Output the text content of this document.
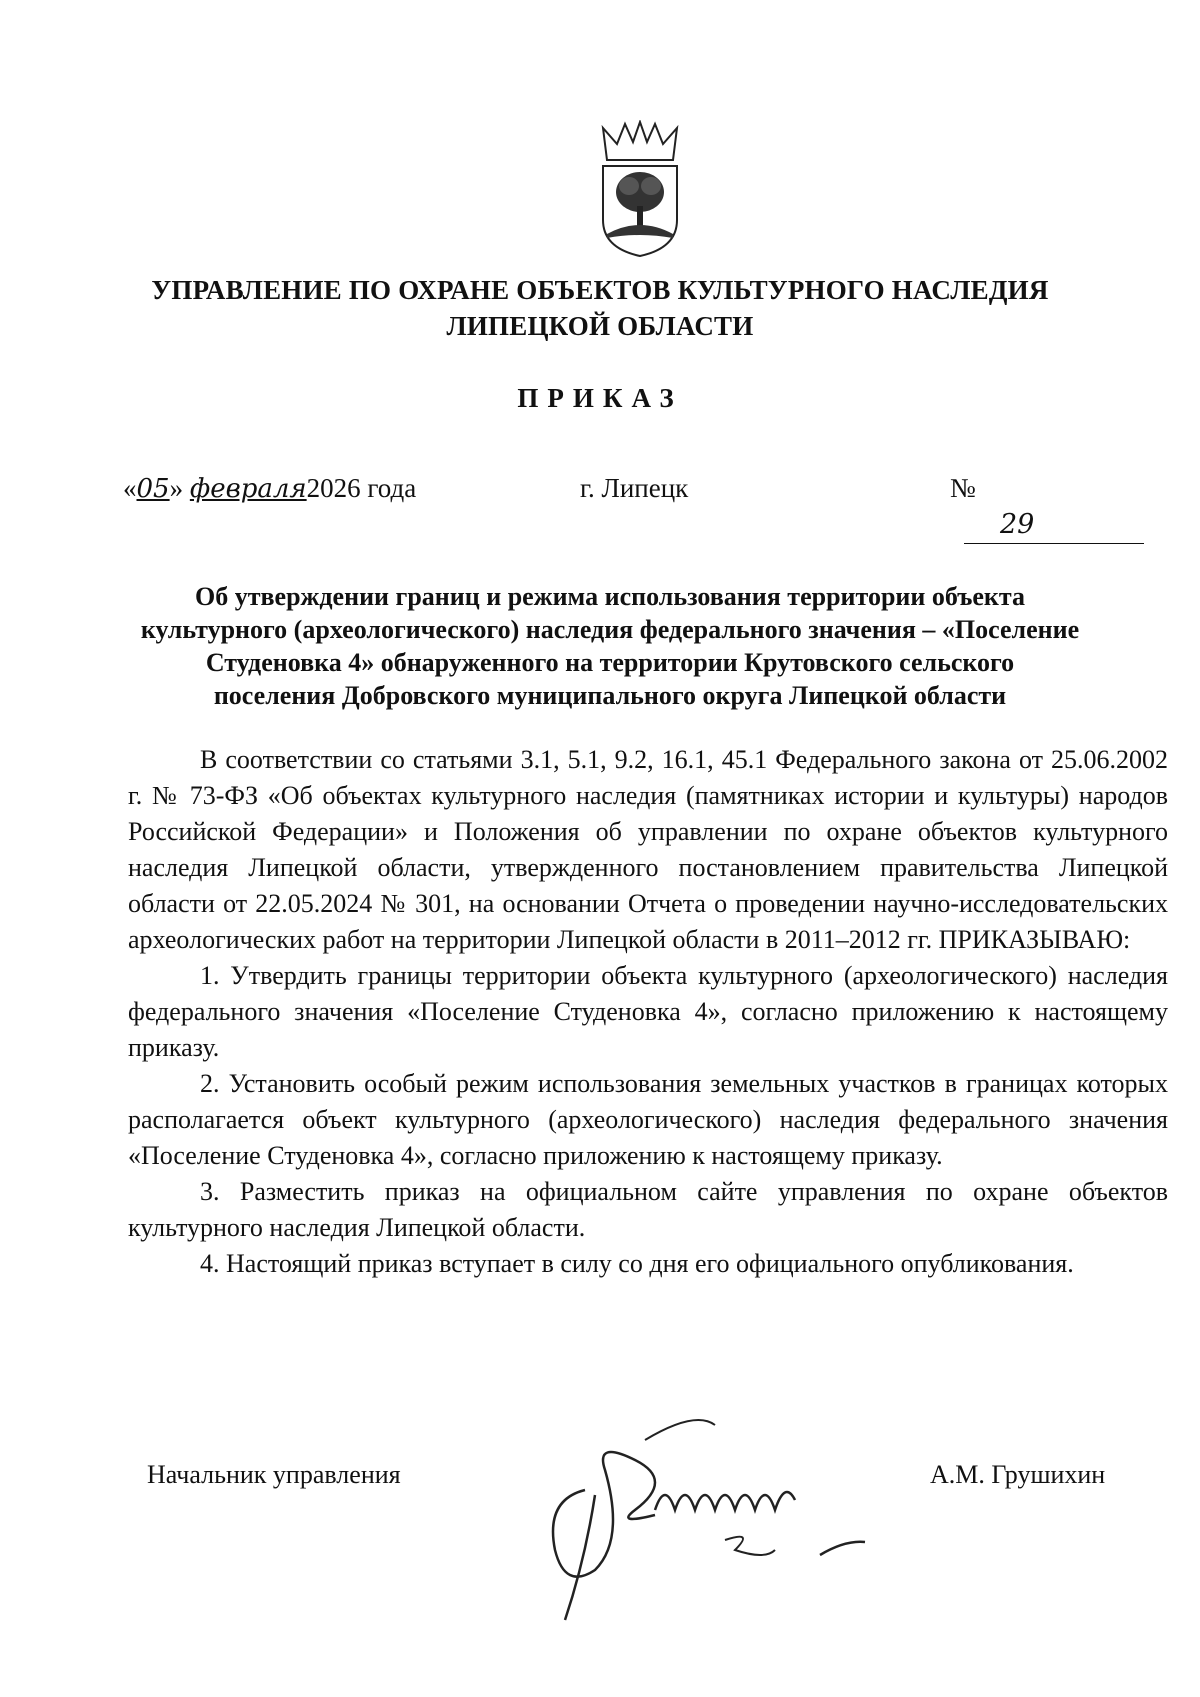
УПРАВЛЕНИЕ ПО ОХРАНЕ ОБЪЕКТОВ КУЛЬТУРНОГО НАСЛЕДИЯ
ЛИПЕЦКОЙ ОБЛАСТИ
ПРИКАЗ
«05» февраля2026 года	г. Липецк	№29
Об утверждении границ и режима использования территории объекта
культурного (археологического) наследия федерального значения – «Поселение
Студеновка 4» обнаруженного на территории Крутовского сельского
поселения Добровского муниципального округа Липецкой области

В соответствии со статьями 3.1, 5.1, 9.2, 16.1, 45.1 Федерального закона от 25.06.2002 г. № 73-ФЗ «Об объектах культурного наследия (памятниках истории и культуры) народов Российской Федерации» и Положения об управлении по охране объектов культурного наследия Липецкой области, утвержденного постановлением правительства Липецкой области от 22.05.2024 № 301, на основании Отчета о проведении научно-исследовательских археологических работ на территории Липецкой области в 2011–2012 гг. ПРИКАЗЫВАЮ:

1. Утвердить границы территории объекта культурного (археологического) наследия федерального значения «Поселение Студеновка 4», согласно приложению к настоящему приказу.

2. Установить особый режим использования земельных участков в границах которых располагается объект культурного (археологического) наследия федерального значения «Поселение Студеновка 4», согласно приложению к настоящему приказу.

3. Разместить приказ на официальном сайте управления по охране объектов культурного наследия Липецкой области.

4. Настоящий приказ вступает в силу со дня его официального опубликования.

Начальник управления	А.М. Грушихин
